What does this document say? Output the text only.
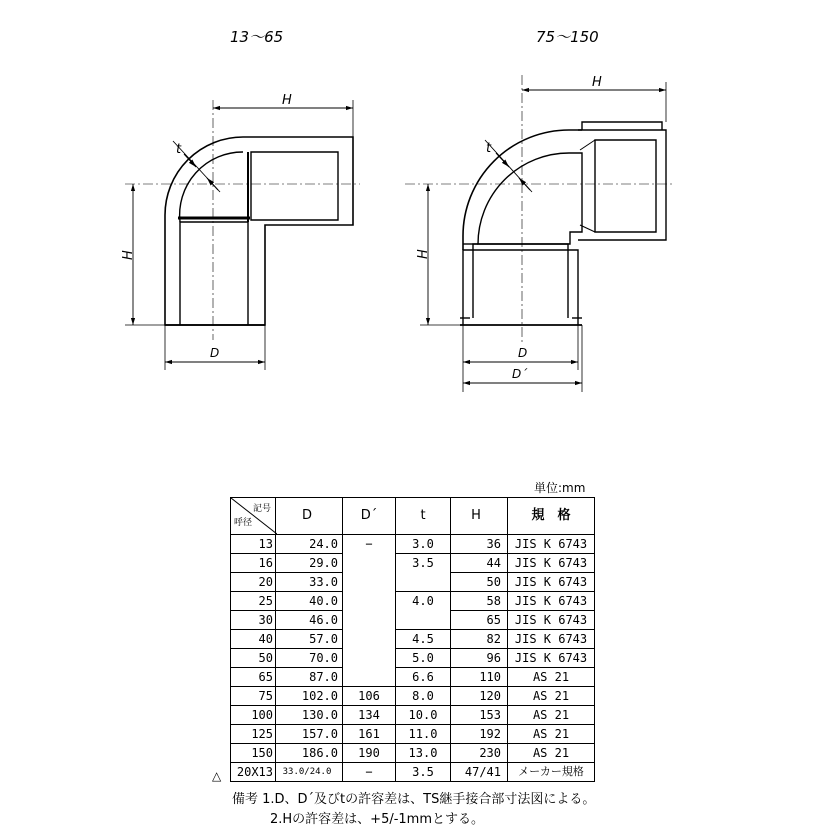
13～65
H
H
D
t
75～150
H
H
D
D´
t
単位:mm
記号
呼径	D	D´	t	H	規　格
13	24.0	−	3.0	36	JIS K 6743
16	29.0		3.5	44	JIS K 6743
20	33.0			50	JIS K 6743
25	40.0		4.0	58	JIS K 6743
30	46.0			65	JIS K 6743
40	57.0		4.5	82	JIS K 6743
50	70.0		5.0	96	JIS K 6743
65	87.0		6.6	110	AS 21
75	102.0	106	8.0	120	AS 21
100	130.0	134	10.0	153	AS 21
125	157.0	161	11.0	192	AS 21
150	186.0	190	13.0	230	AS 21
20X13	33.0/24.0	−	3.5	47/41	メーカー規格
△
備考 1.D、D´及びtの許容差は、TS継手接合部寸法図による。
2.Hの許容差は、+5/-1mmとする。
